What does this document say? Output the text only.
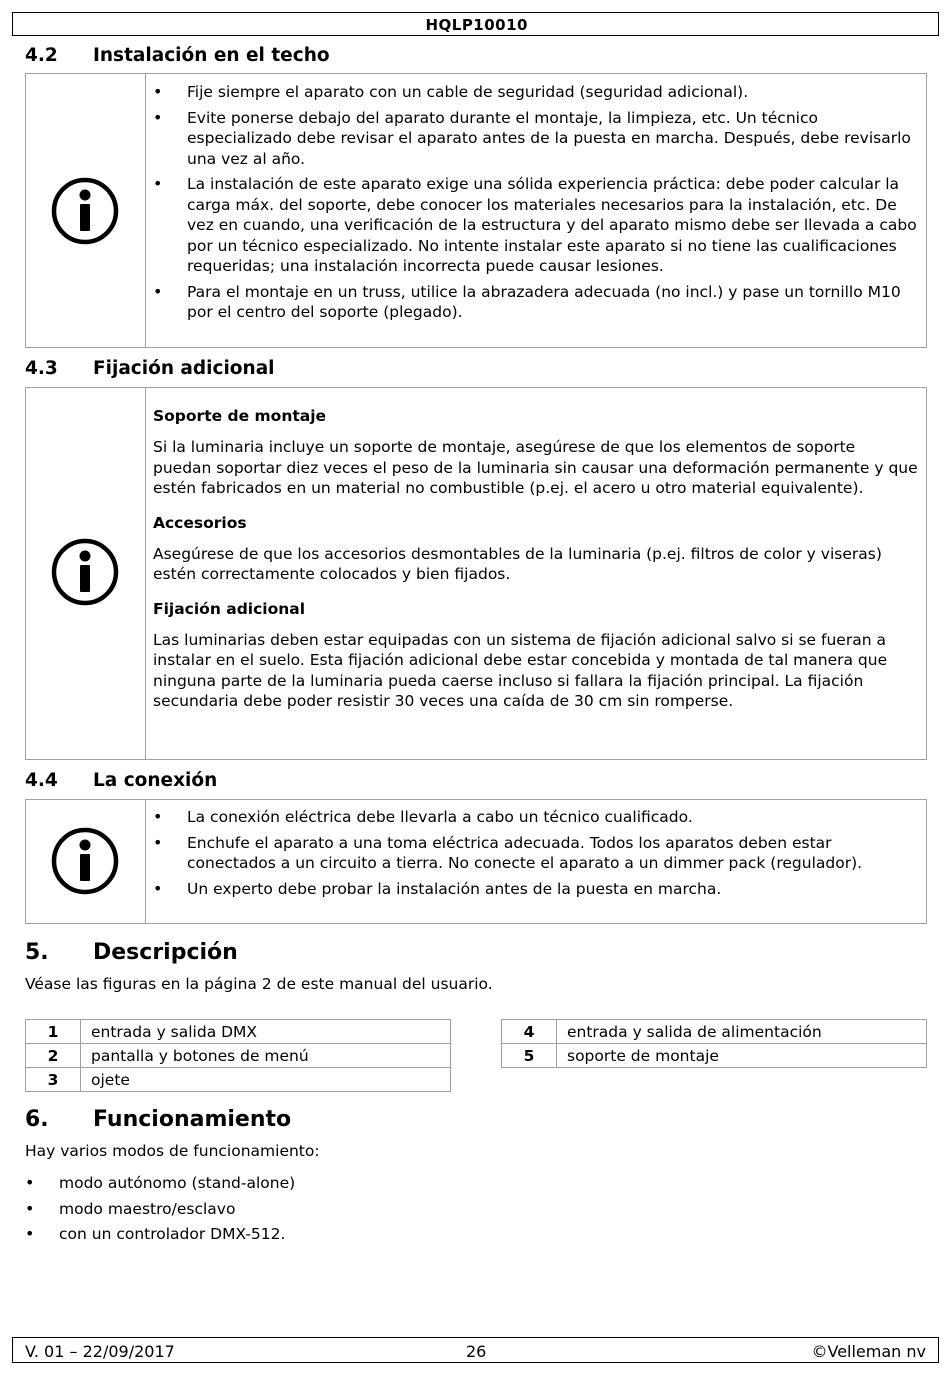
HQLP10010
4.2 Instalación en el techo
• Fije siempre el aparato con un cable de seguridad (seguridad adicional).
• Evite ponerse debajo del aparato durante el montaje, la limpieza, etc. Un técnico especializado debe revisar el aparato antes de la puesta en marcha. Después, debe revisarlo una vez al año.
• La instalación de este aparato exige una sólida experiencia práctica: debe poder calcular la carga máx. del soporte, debe conocer los materiales necesarios para la instalación, etc. De vez en cuando, una verificación de la estructura y del aparato mismo debe ser llevada a cabo por un técnico especializado. No intente instalar este aparato si no tiene las cualificaciones requeridas; una instalación incorrecta puede causar lesiones.
• Para el montaje en un truss, utilice la abrazadera adecuada (no incl.) y pase un tornillo M10 por el centro del soporte (plegado).
4.3 Fijación adicional
Soporte de montaje
Si la luminaria incluye un soporte de montaje, asegúrese de que los elementos de soporte puedan soportar diez veces el peso de la luminaria sin causar una deformación permanente y que estén fabricados en un material no combustible (p.ej. el acero u otro material equivalente).
Accesorios
Asegúrese de que los accesorios desmontables de la luminaria (p.ej. filtros de color y viseras) estén correctamente colocados y bien fijados.
Fijación adicional
Las luminarias deben estar equipadas con un sistema de fijación adicional salvo si se fueran a instalar en el suelo. Esta fijación adicional debe estar concebida y montada de tal manera que ninguna parte de la luminaria pueda caerse incluso si fallara la fijación principal. La fijación secundaria debe poder resistir 30 veces una caída de 30 cm sin romperse.
4.4 La conexión
• La conexión eléctrica debe llevarla a cabo un técnico cualificado.
• Enchufe el aparato a una toma eléctrica adecuada. Todos los aparatos deben estar conectados a un circuito a tierra. No conecte el aparato a un dimmer pack (regulador).
• Un experto debe probar la instalación antes de la puesta en marcha.
5. Descripción
Véase las figuras en la página 2 de este manual del usuario.
1	entrada y salida DMX
2	pantalla y botones de menú
3	ojete
4	entrada y salida de alimentación
5	soporte de montaje
6. Funcionamiento
Hay varios modos de funcionamiento:
• modo autónomo (stand-alone)
• modo maestro/esclavo
• con un controlador DMX-512.
V. 01 – 22/09/2017	26	©Velleman nv
